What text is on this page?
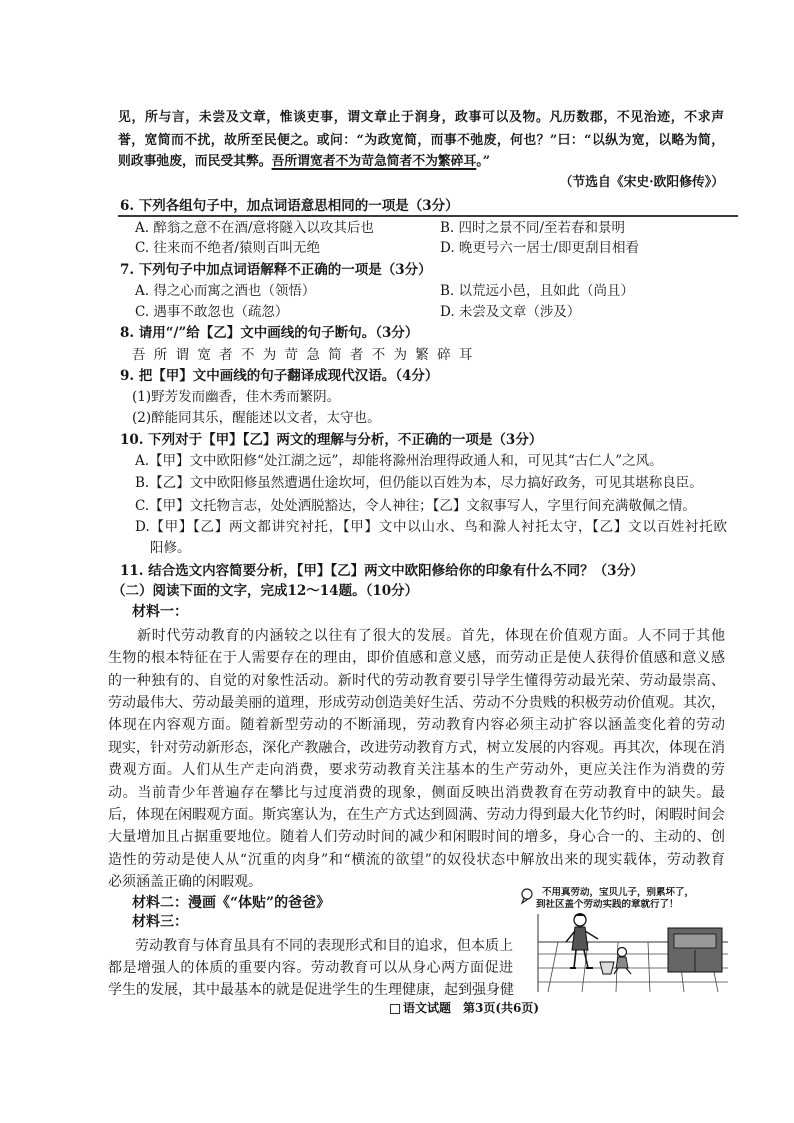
见，所与言，未尝及文章，惟谈吏事，谓文章止于润身，政事可以及物。凡历数郡，不见治迹，不求声
誉，宽简而不扰，故所至民便之。或问：“为政宽简，而事不弛废，何也？”曰：“以纵为宽，以略为简，
则政事弛废，而民受其弊。吾所谓宽者不为苛急简者不为繁碎耳。”
（节选自《宋史·欧阳修传》）
6. 下列各组句子中，加点词语意思相同的一项是（3分）
A. 醉翁之意不在酒/意将隧入以攻其后也	B. 四时之景不同/至若春和景明
C. 往来而不绝者/猿则百叫无绝	D. 晚更号六一居士/即更刮目相看
7. 下列句子中加点词语解释不正确的一项是（3分）
A. 得之心而寓之酒也（领悟）	B. 以荒远小邑，且如此（尚且）
C. 遇事不敢忽也（疏忽）	D. 未尝及文章（涉及）
8. 请用“/”给【乙】文中画线的句子断句。（3分）
吾 所 谓 宽 者 不 为 苛 急 简 者 不 为 繁 碎 耳
9. 把【甲】文中画线的句子翻译成现代汉语。（4分）
(1)野芳发而幽香，佳木秀而繁阴。
(2)醉能同其乐，醒能述以文者，太守也。
10. 下列对于【甲】【乙】两文的理解与分析，不正确的一项是（3分）
A.【甲】文中欧阳修“处江湖之远”，却能将滁州治理得政通人和，可见其“古仁人”之风。
B.【乙】文中欧阳修虽然遭遇仕途坎坷，但仍能以百姓为本，尽力搞好政务，可见其堪称良臣。
C.【甲】文托物言志，处处洒脱豁达，令人神往；【乙】文叙事写人，字里行间充满敬佩之情。
D.【甲】【乙】两文都讲究衬托，【甲】文中以山水、鸟和滁人衬托太守，【乙】文以百姓衬托欧
阳修。
11. 结合选文内容简要分析，【甲】【乙】两文中欧阳修给你的印象有什么不同？（3分）
（二）阅读下面的文字，完成12～14题。（10分）
材料一：
新时代劳动教育的内涵较之以往有了很大的发展。首先，体现在价值观方面。人不同于其他
生物的根本特征在于人需要存在的理由，即价值感和意义感，而劳动正是使人获得价值感和意义感
的一种独有的、自觉的对象性活动。新时代的劳动教育要引导学生懂得劳动最光荣、劳动最崇高、
劳动最伟大、劳动最美丽的道理，形成劳动创造美好生活、劳动不分贵贱的积极劳动价值观。其次，
体现在内容观方面。随着新型劳动的不断涌现，劳动教育内容必须主动扩容以涵盖变化着的劳动
现实，针对劳动新形态，深化产教融合，改进劳动教育方式，树立发展的内容观。再其次，体现在消
费观方面。人们从生产走向消费，要求劳动教育关注基本的生产劳动外，更应关注作为消费的劳
动。当前青少年普遍存在攀比与过度消费的现象，侧面反映出消费教育在劳动教育中的缺失。最
后，体现在闲暇观方面。斯宾塞认为，在生产方式达到圆满、劳动力得到最大化节约时，闲暇时间会
大量增加且占据重要地位。随着人们劳动时间的减少和闲暇时间的增多，身心合一的、主动的、创
造性的劳动是使人从“沉重的肉身”和“横流的欲望”的奴役状态中解放出来的现实载体，劳动教育
必须涵盖正确的闲暇观。
材料二：漫画《“体贴”的爸爸》
材料三：
劳动教育与体育虽具有不同的表现形式和目的追求，但本质上
都是增强人的体质的重要内容。劳动教育可以从身心两方面促进
学生的发展，其中最基本的就是促进学生的生理健康，起到强身健
不用真劳动，宝贝儿子，别累坏了，
到社区盖个劳动实践的章就行了！
语文试题　第3页(共6页)
